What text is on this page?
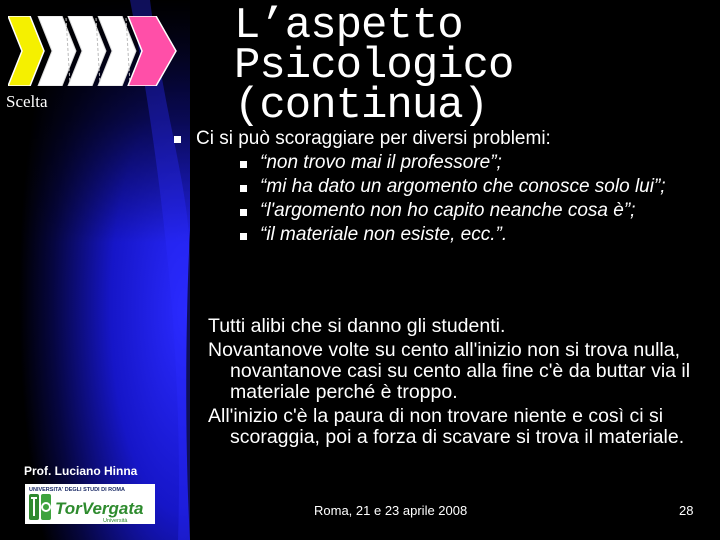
Scelta
L’aspetto
Psicologico
(continua)
Ci si può scoraggiare per diversi problemi:
“non trovo mai il professore”;
“mi ha dato un argomento che conosce solo lui”;
“l'argomento non ho capito neanche cosa è”;
“il materiale non esiste, ecc.”.

Tutti alibi che si danno gli studenti.

Novantanove volte su cento all'inizio non si trova nulla, novantanove casi su cento alla fine c'è da buttar via il materiale perché è troppo.

All'inizio c'è la paura di non trovare niente e così ci si scoraggia, poi a forza di scavare si trova il materiale.

Prof. Luciano Hinna
UNIVERSITA' DEGLI STUDI DI ROMA
TorVergata
Università
Roma, 21 e 23 aprile 2008	28
